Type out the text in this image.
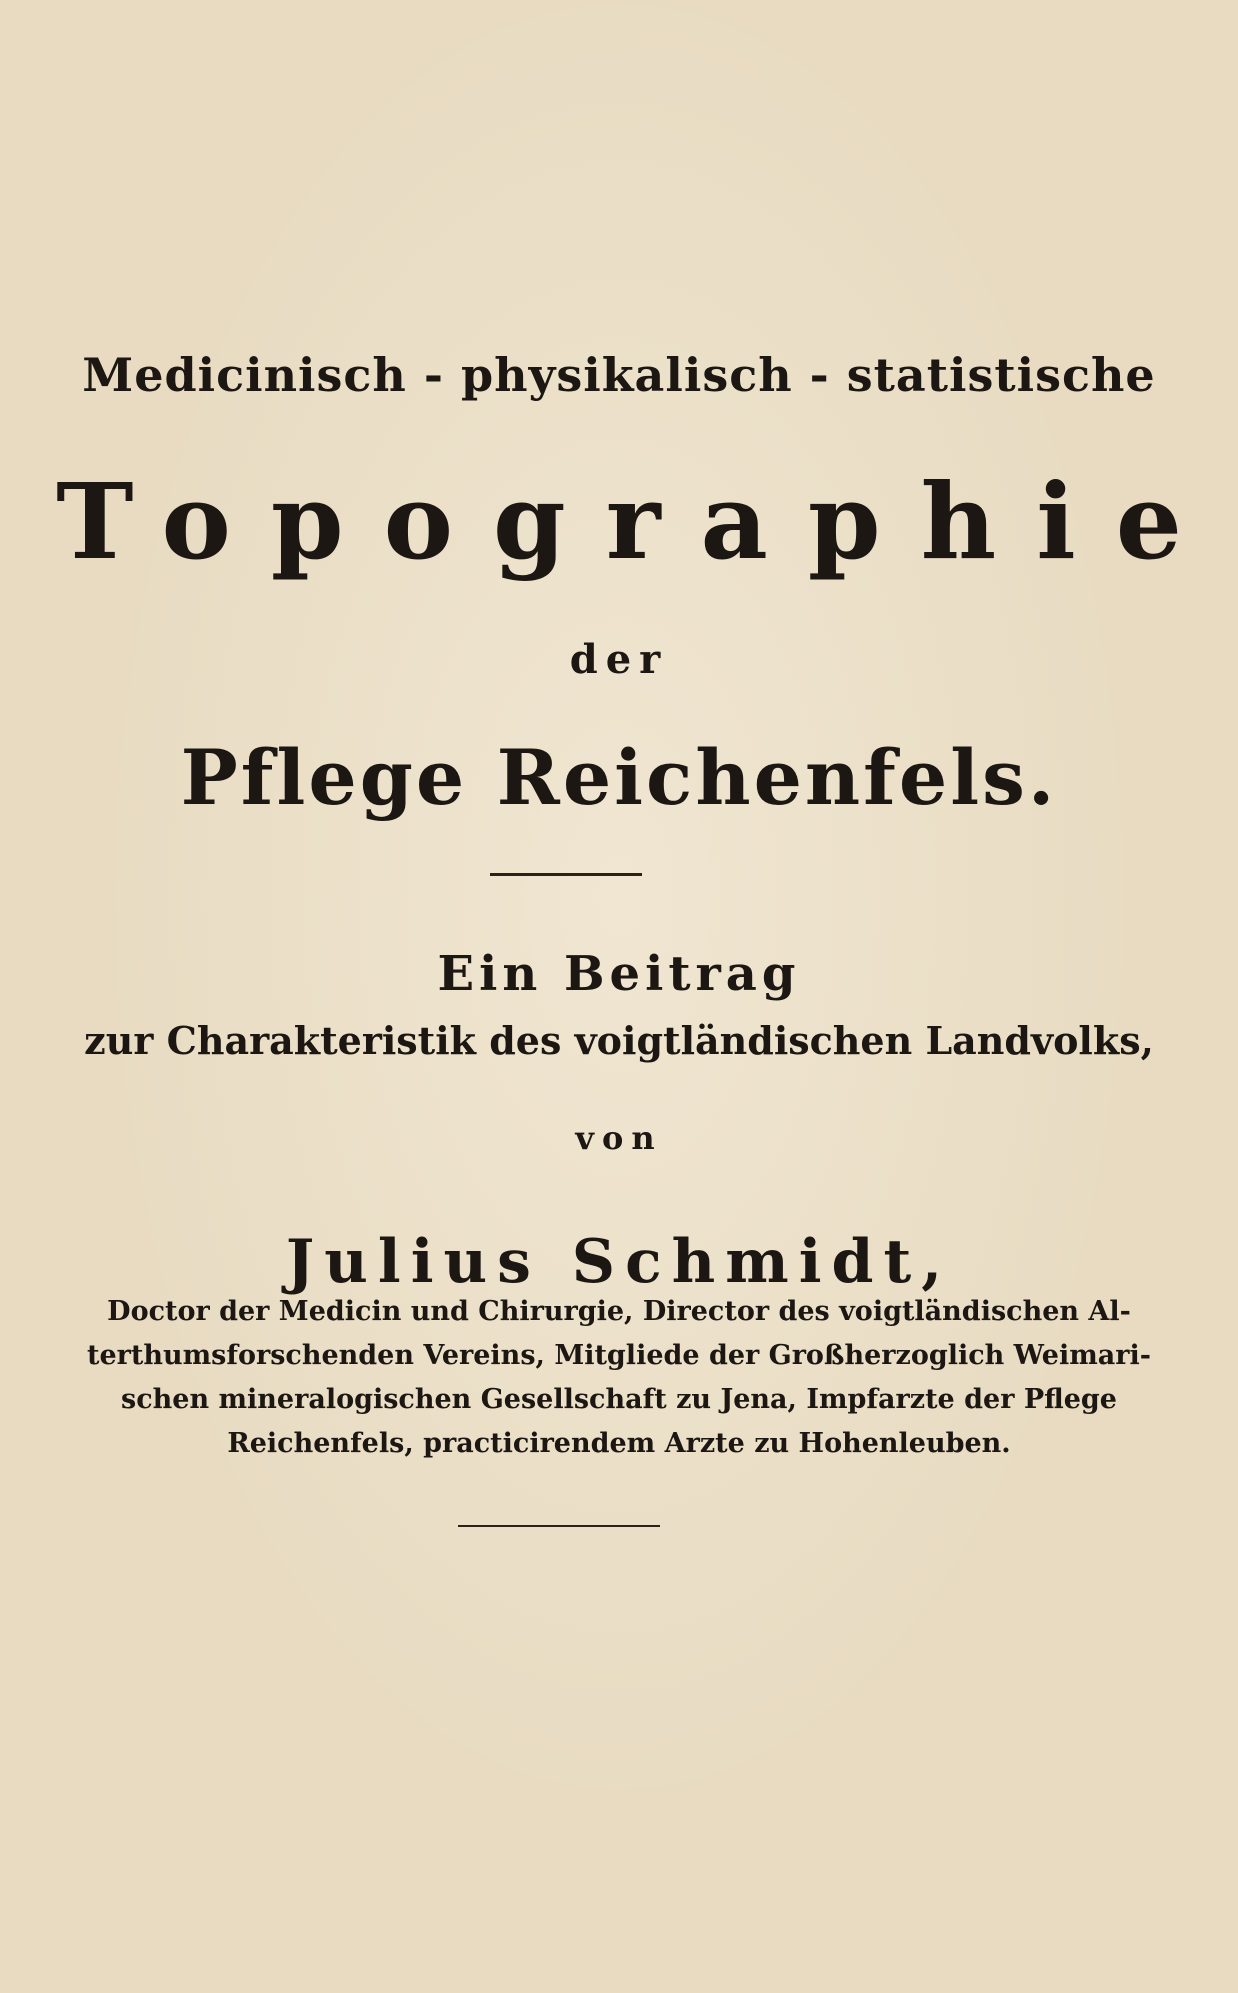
Medicinisch - physikalisch - statistische
Topographie
der
Pflege Reichenfels.
Ein Beitrag
zur Charakteristik des voigtländischen Landvolks,
von
Julius Schmidt,
Doctor der Medicin und Chirurgie, Director des voigtländischen Al-
terthumsforschenden Vereins, Mitgliede der Großherzoglich Weimari-
schen mineralogischen Gesellschaft zu Jena, Impfarzte der Pflege
Reichenfels, practicirendem Arzte zu Hohenleuben.
